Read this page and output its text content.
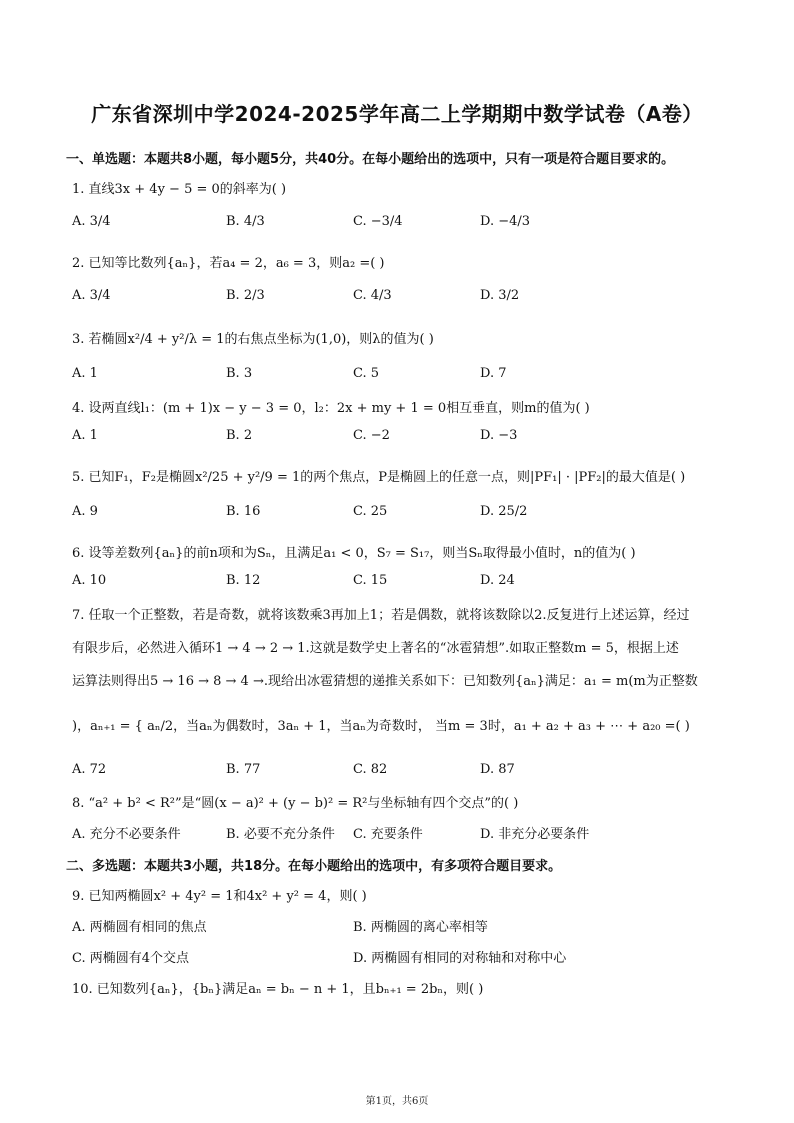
广东省深圳中学2024-2025学年高二上学期期中数学试卷（A卷）
一、单选题：本题共8小题，每小题5分，共40分。在每小题给出的选项中，只有一项是符合题目要求的。
1. 直线3x + 4y − 5 = 0的斜率为( )
A. 3/4	B. 4/3	C. −3/4	D. −4/3
2. 已知等比数列{aₙ}，若a₄ = 2，a₆ = 3，则a₂ =( )
A. 3/4	B. 2/3	C. 4/3	D. 3/2
3. 若椭圆x²/4 + y²/λ = 1的右焦点坐标为(1,0)，则λ的值为( )
A. 1	B. 3	C. 5	D. 7
4. 设两直线l₁：(m + 1)x − y − 3 = 0，l₂：2x + my + 1 = 0相互垂直，则m的值为( )
A. 1	B. 2	C. −2	D. −3
5. 已知F₁，F₂是椭圆x²/25 + y²/9 = 1的两个焦点，P是椭圆上的任意一点，则|PF₁| · |PF₂|的最大值是( )
A. 9	B. 16	C. 25	D. 25/2
6. 设等差数列{aₙ}的前n项和为Sₙ，且满足a₁ < 0，S₇ = S₁₇，则当Sₙ取得最小值时，n的值为( )
A. 10	B. 12	C. 15	D. 24
7. 任取一个正整数，若是奇数，就将该数乘3再加上1；若是偶数，就将该数除以2.反复进行上述运算，经过
有限步后，必然进入循环1 → 4 → 2 → 1.这就是数学史上著名的“冰雹猜想”.如取正整数m = 5，根据上述
运算法则得出5 → 16 → 8 → 4 →.现给出冰雹猜想的递推关系如下：已知数列{aₙ}满足：a₁ = m(m为正整数
)，aₙ₊₁ = { aₙ/2，当aₙ为偶数时，3aₙ + 1，当aₙ为奇数时， 当m = 3时，a₁ + a₂ + a₃ + ⋯ + a₂₀ =( )
A. 72	B. 77	C. 82	D. 87
8. “a² + b² < R²”是“圆(x − a)² + (y − b)² = R²与坐标轴有四个交点”的( )
A. 充分不必要条件	B. 必要不充分条件 C. 充要条件	D. 非充分必要条件
二、多选题：本题共3小题，共18分。在每小题给出的选项中，有多项符合题目要求。
9. 已知两椭圆x² + 4y² = 1和4x² + y² = 4，则( )
A. 两椭圆有相同的焦点	B. 两椭圆的离心率相等
C. 两椭圆有4个交点	D. 两椭圆有相同的对称轴和对称中心
10. 已知数列{aₙ}，{bₙ}满足aₙ = bₙ − n + 1，且bₙ₊₁ = 2bₙ，则( )
第1页，共6页
